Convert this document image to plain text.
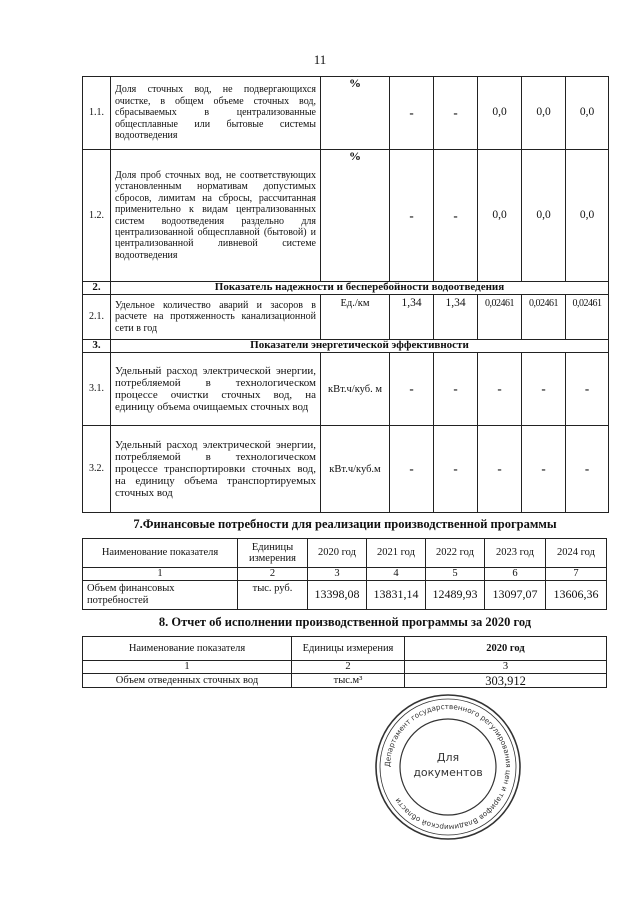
11
1.1.	Доля сточных вод, не подвергающихся очистке, в общем объеме сточных вод, сбрасываемых в централизованные общесплавные или бытовые системы водоотведения	%	-	-	0,0	0,0	0,0
1.2.	Доля проб сточных вод, не соответствующих установленным нормативам допустимых сбросов, лимитам на сбросы, рассчитанная применительно к видам централизованных систем водоотведения раздельно для централизованной общесплавной (бытовой) и централизованной ливневой системе водоотведения	%	-	-	0,0	0,0	0,0
2.	Показатель надежности и бесперебойности водоотведения						
2.1.	Удельное количество аварий и засоров в расчете на протяженность канализационной сети в год	Ед./км	1,34	1,34	0,02461	0,02461	0,02461
3.	Показатели энергетической эффективности						
3.1.	Удельный расход электрической энергии, потребляемой в технологическом процессе очистки сточных вод, на единицу объема очищаемых сточных вод	кВт.ч/куб. м	-	-	-	-	-
3.2.	Удельный расход электрической энергии, потребляемой в технологическом процессе транспортировки сточных вод, на единицу объема транспортируемых сточных вод	кВт.ч/куб.м	-	-	-	-	-
7.Финансовые потребности для реализации производственной программы
Наименование показателя	Единицы измерения	2020 год	2021 год	2022 год	2023 год	2024 год
1	2	3	4	5	6	7
Объем финансовых потребностей	тыс. руб.	13398,08	13831,14	12489,93	13097,07	13606,36
8. Отчет об исполнении производственной программы за 2020 год
Наименование показателя	Единицы измерения	2020 год
1	2	3
Объем отведенных сточных вод	тыс.м³	303,912
Департамент государственного регулирования цен и тарифов Владимирской области
Для
документов
